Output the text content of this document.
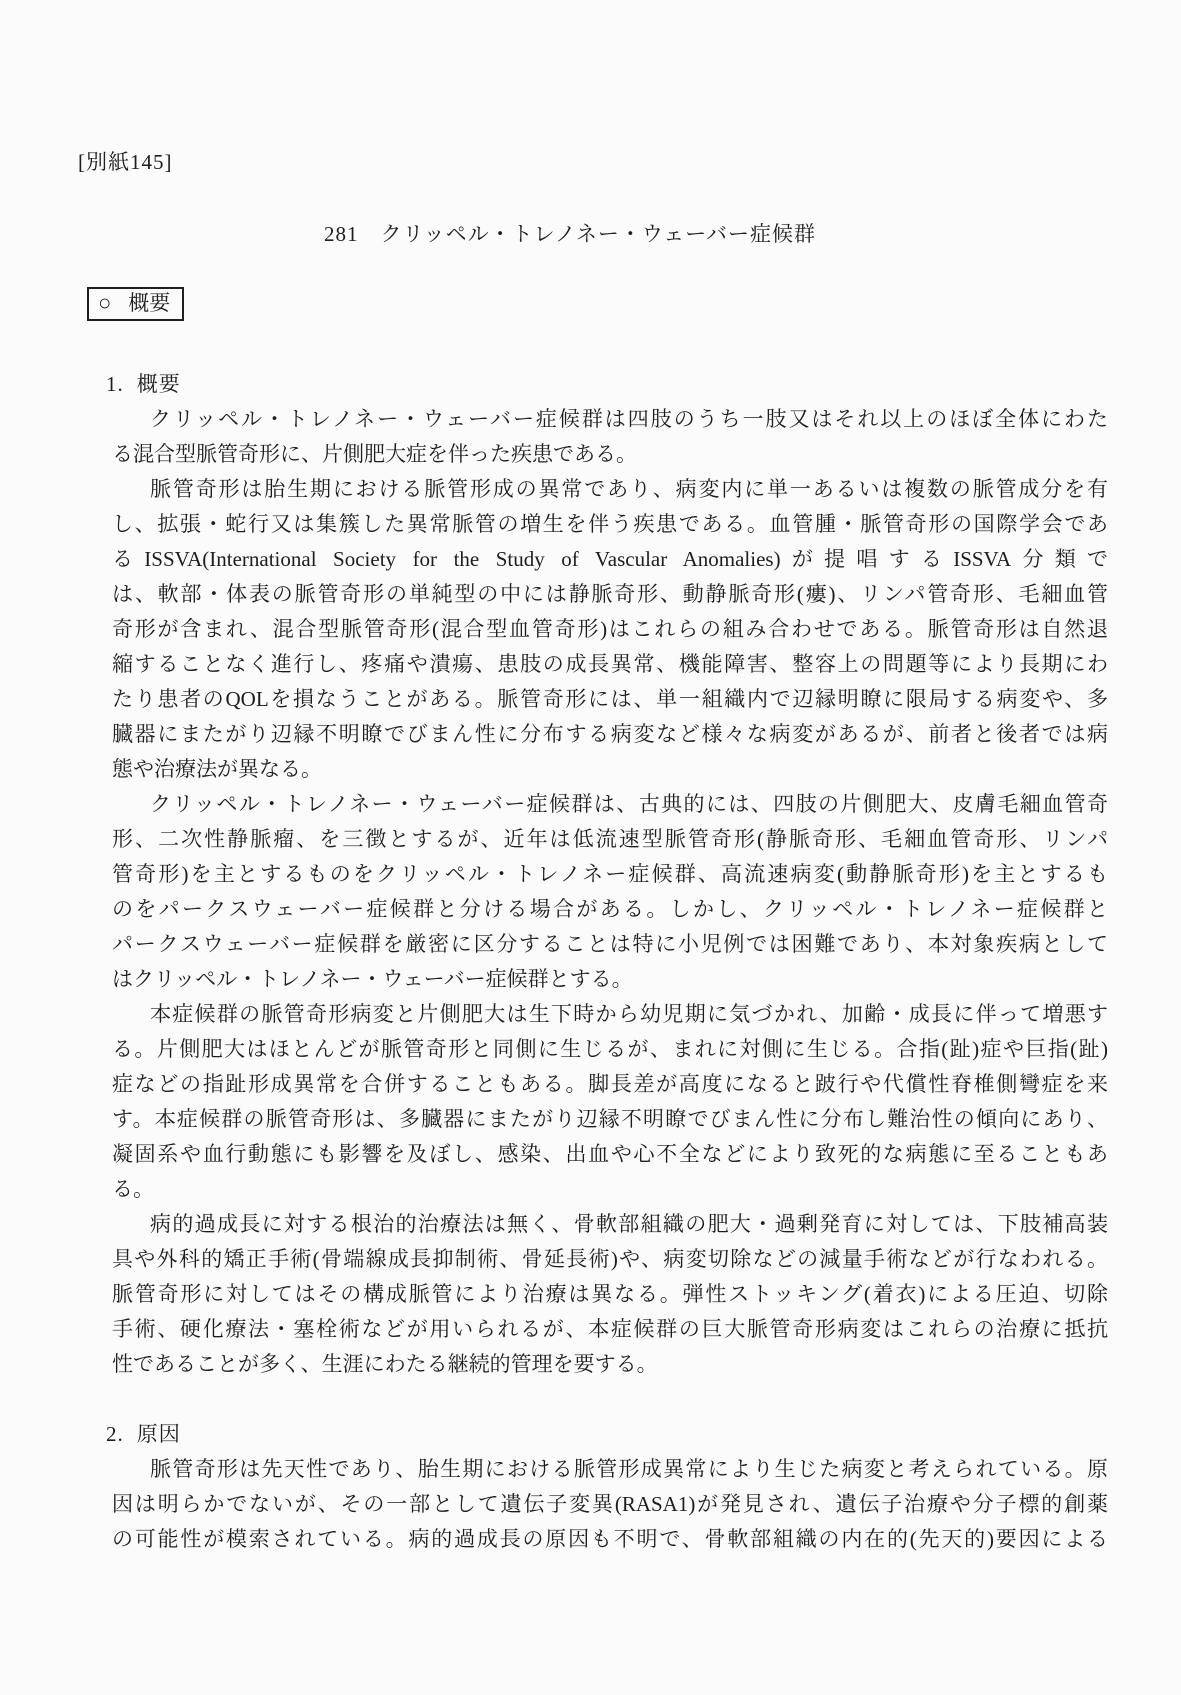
[別紙145]
281　クリッペル・トレノネー・ウェーバー症候群
○ 概要
1. 概要
クリッペル・トレノネー・ウェーバー症候群は四肢のうち一肢又はそれ以上のほぼ全体にわた
る混合型脈管奇形に、片側肥大症を伴った疾患である。
脈管奇形は胎生期における脈管形成の異常であり、病変内に単一あるいは複数の脈管成分を有
し、拡張・蛇行又は集簇した異常脈管の増生を伴う疾患である。血管腫・脈管奇形の国際学会であ
るISSVA(International Society for the Study of Vascular Anomalies)が提唱するISSVA分類で
は、軟部・体表の脈管奇形の単純型の中には静脈奇形、動静脈奇形(瘻)、リンパ管奇形、毛細血管
奇形が含まれ、混合型脈管奇形(混合型血管奇形)はこれらの組み合わせである。脈管奇形は自然退
縮することなく進行し、疼痛や潰瘍、患肢の成長異常、機能障害、整容上の問題等により長期にわ
たり患者のQOLを損なうことがある。脈管奇形には、単一組織内で辺縁明瞭に限局する病変や、多
臓器にまたがり辺縁不明瞭でびまん性に分布する病変など様々な病変があるが、前者と後者では病
態や治療法が異なる。
クリッペル・トレノネー・ウェーバー症候群は、古典的には、四肢の片側肥大、皮膚毛細血管奇
形、二次性静脈瘤、を三徴とするが、近年は低流速型脈管奇形(静脈奇形、毛細血管奇形、リンパ
管奇形)を主とするものをクリッペル・トレノネー症候群、高流速病変(動静脈奇形)を主とするも
のをパークスウェーバー症候群と分ける場合がある。しかし、クリッペル・トレノネー症候群と
パークスウェーバー症候群を厳密に区分することは特に小児例では困難であり、本対象疾病として
はクリッペル・トレノネー・ウェーバー症候群とする。
本症候群の脈管奇形病変と片側肥大は生下時から幼児期に気づかれ、加齢・成長に伴って増悪す
る。片側肥大はほとんどが脈管奇形と同側に生じるが、まれに対側に生じる。合指(趾)症や巨指(趾)
症などの指趾形成異常を合併することもある。脚長差が高度になると跛行や代償性脊椎側彎症を来
す。本症候群の脈管奇形は、多臓器にまたがり辺縁不明瞭でびまん性に分布し難治性の傾向にあり、
凝固系や血行動態にも影響を及ぼし、感染、出血や心不全などにより致死的な病態に至ることもあ
る。
病的過成長に対する根治的治療法は無く、骨軟部組織の肥大・過剰発育に対しては、下肢補高装
具や外科的矯正手術(骨端線成長抑制術、骨延長術)や、病変切除などの減量手術などが行なわれる。
脈管奇形に対してはその構成脈管により治療は異なる。弾性ストッキング(着衣)による圧迫、切除
手術、硬化療法・塞栓術などが用いられるが、本症候群の巨大脈管奇形病変はこれらの治療に抵抗
性であることが多く、生涯にわたる継続的管理を要する。
2. 原因
脈管奇形は先天性であり、胎生期における脈管形成異常により生じた病変と考えられている。原
因は明らかでないが、その一部として遺伝子変異(RASA1)が発見され、遺伝子治療や分子標的創薬
の可能性が模索されている。病的過成長の原因も不明で、骨軟部組織の内在的(先天的)要因による
